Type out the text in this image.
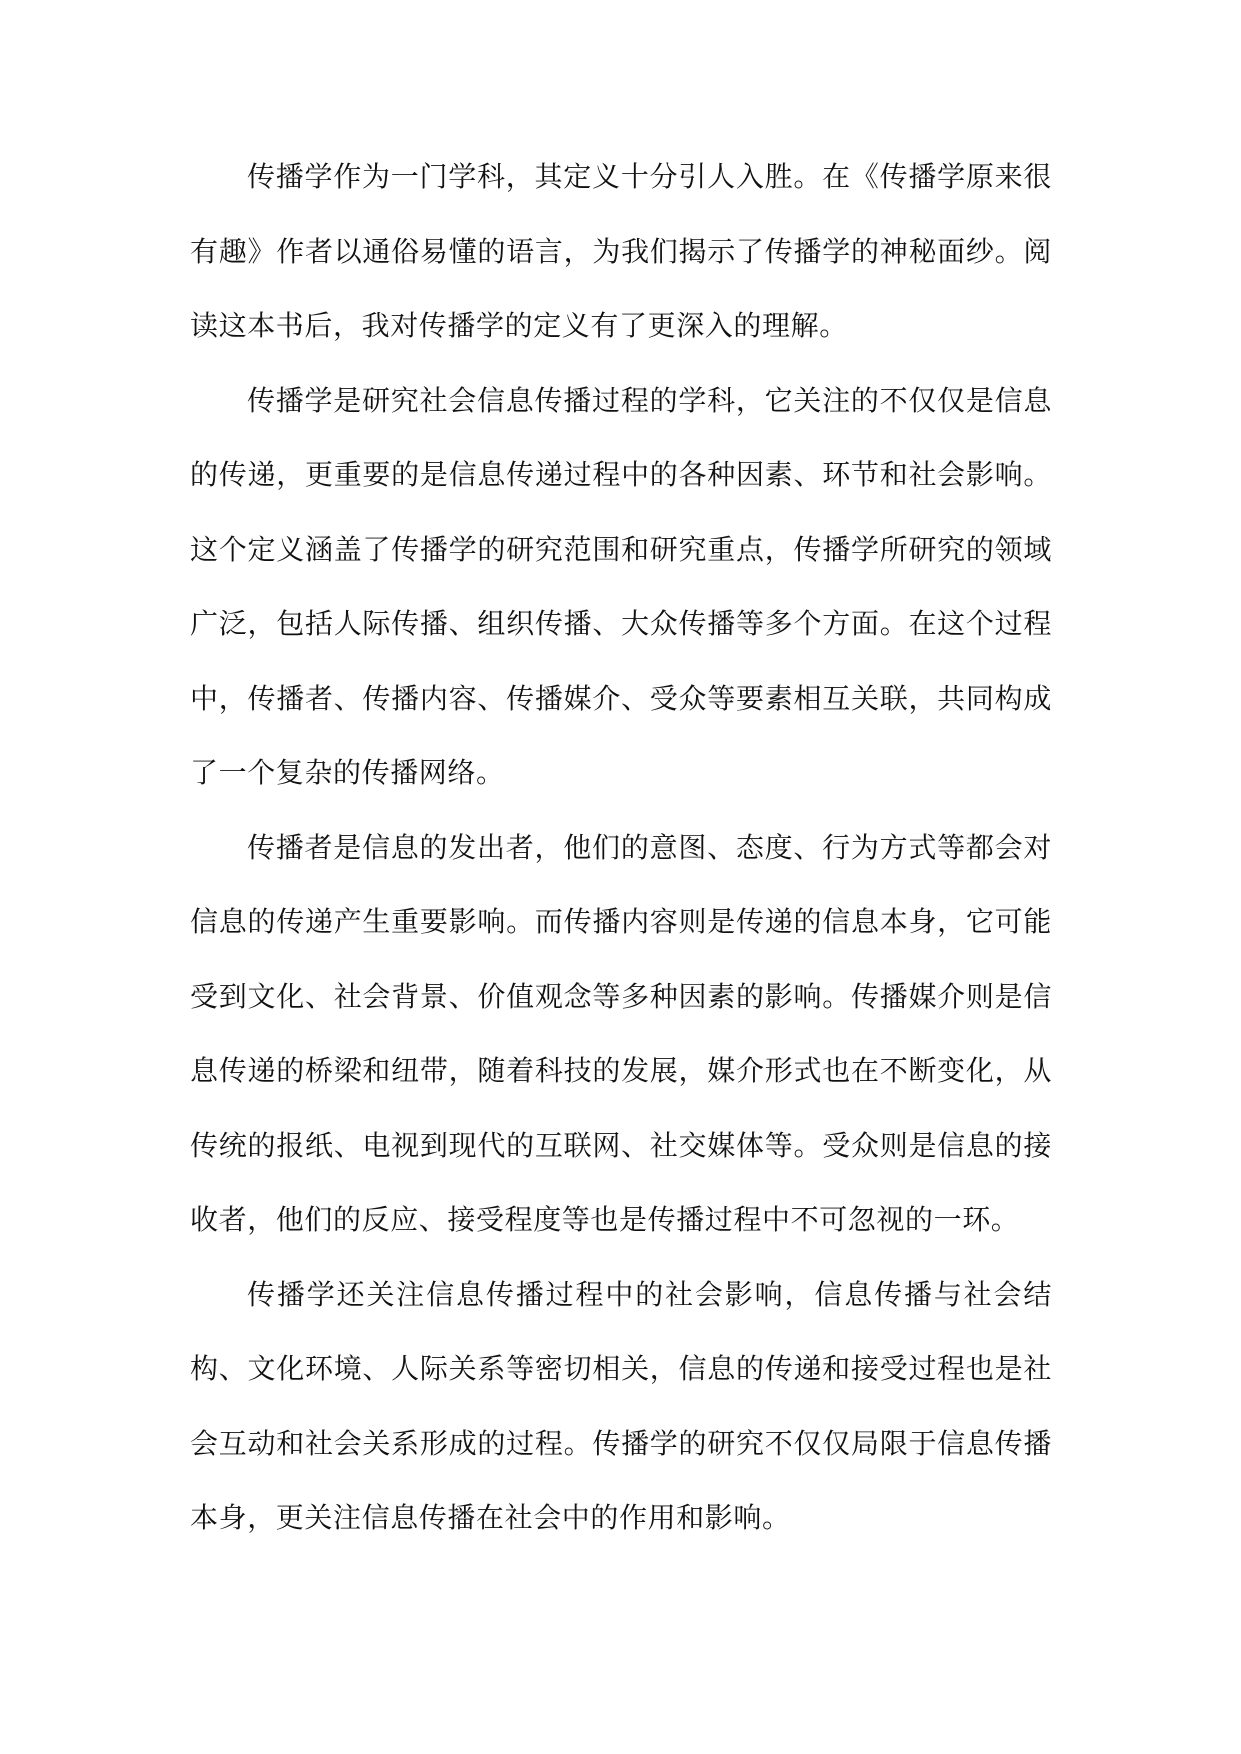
传播学作为一门学科，其定义十分引人入胜。在《传播学原来很有趣》作者以通俗易懂的语言，为我们揭示了传播学的神秘面纱。阅读这本书后，我对传播学的定义有了更深入的理解。

传播学是研究社会信息传播过程的学科，它关注的不仅仅是信息的传递，更重要的是信息传递过程中的各种因素、环节和社会影响。这个定义涵盖了传播学的研究范围和研究重点，传播学所研究的领域广泛，包括人际传播、组织传播、大众传播等多个方面。在这个过程中，传播者、传播内容、传播媒介、受众等要素相互关联，共同构成了一个复杂的传播网络。

传播者是信息的发出者，他们的意图、态度、行为方式等都会对信息的传递产生重要影响。而传播内容则是传递的信息本身，它可能受到文化、社会背景、价值观念等多种因素的影响。传播媒介则是信息传递的桥梁和纽带，随着科技的发展，媒介形式也在不断变化，从传统的报纸、电视到现代的互联网、社交媒体等。受众则是信息的接收者，他们的反应、接受程度等也是传播过程中不可忽视的一环。

传播学还关注信息传播过程中的社会影响，信息传播与社会结构、文化环境、人际关系等密切相关，信息的传递和接受过程也是社会互动和社会关系形成的过程。传播学的研究不仅仅局限于信息传播本身，更关注信息传播在社会中的作用和影响。
